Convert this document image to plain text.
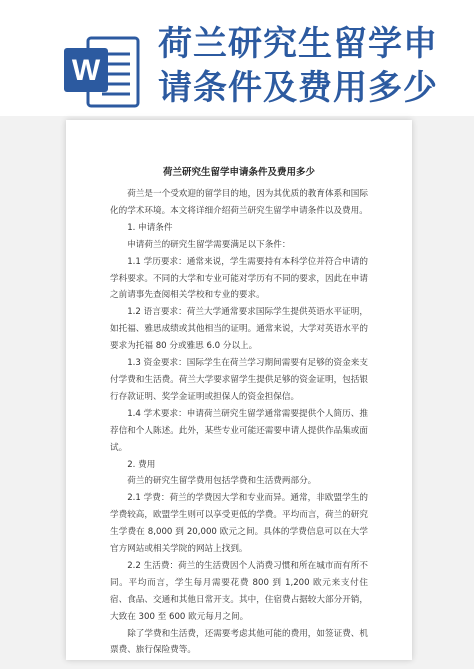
W
荷兰研究生留学申请条件及费用多少
荷兰研究生留学申请条件及费用多少

荷兰是一个受欢迎的留学目的地，因为其优质的教育体系和国际化的学术环境。本文将详细介绍荷兰研究生留学申请条件以及费用。

1. 申请条件

申请荷兰的研究生留学需要满足以下条件：

1.1 学历要求：通常来说，学生需要持有本科学位并符合申请的学科要求。不同的大学和专业可能对学历有不同的要求，因此在申请之前请事先查阅相关学校和专业的要求。

1.2 语言要求：荷兰大学通常要求国际学生提供英语水平证明，如托福、雅思成绩或其他相当的证明。通常来说，大学对英语水平的要求为托福 80 分或雅思 6.0 分以上。

1.3 资金要求：国际学生在荷兰学习期间需要有足够的资金来支付学费和生活费。荷兰大学要求留学生提供足够的资金证明，包括银行存款证明、奖学金证明或担保人的资金担保信。

1.4 学术要求：申请荷兰研究生留学通常需要提供个人简历、推荐信和个人陈述。此外，某些专业可能还需要申请人提供作品集或面试。

2. 费用

荷兰的研究生留学费用包括学费和生活费两部分。

2.1 学费：荷兰的学费因大学和专业而异。通常，非欧盟学生的学费较高，欧盟学生则可以享受更低的学费。平均而言，荷兰的研究生学费在 8,000 到 20,000 欧元之间。具体的学费信息可以在大学官方网站或相关学院的网站上找到。

2.2 生活费：荷兰的生活费因个人消费习惯和所在城市而有所不同。平均而言，学生每月需要花费 800 到 1,200 欧元来支付住宿、食品、交通和其他日常开支。其中，住宿费占据较大部分开销，大致在 300 至 600 欧元每月之间。

除了学费和生活费，还需要考虑其他可能的费用，如签证费、机票费、旅行保险费等。
